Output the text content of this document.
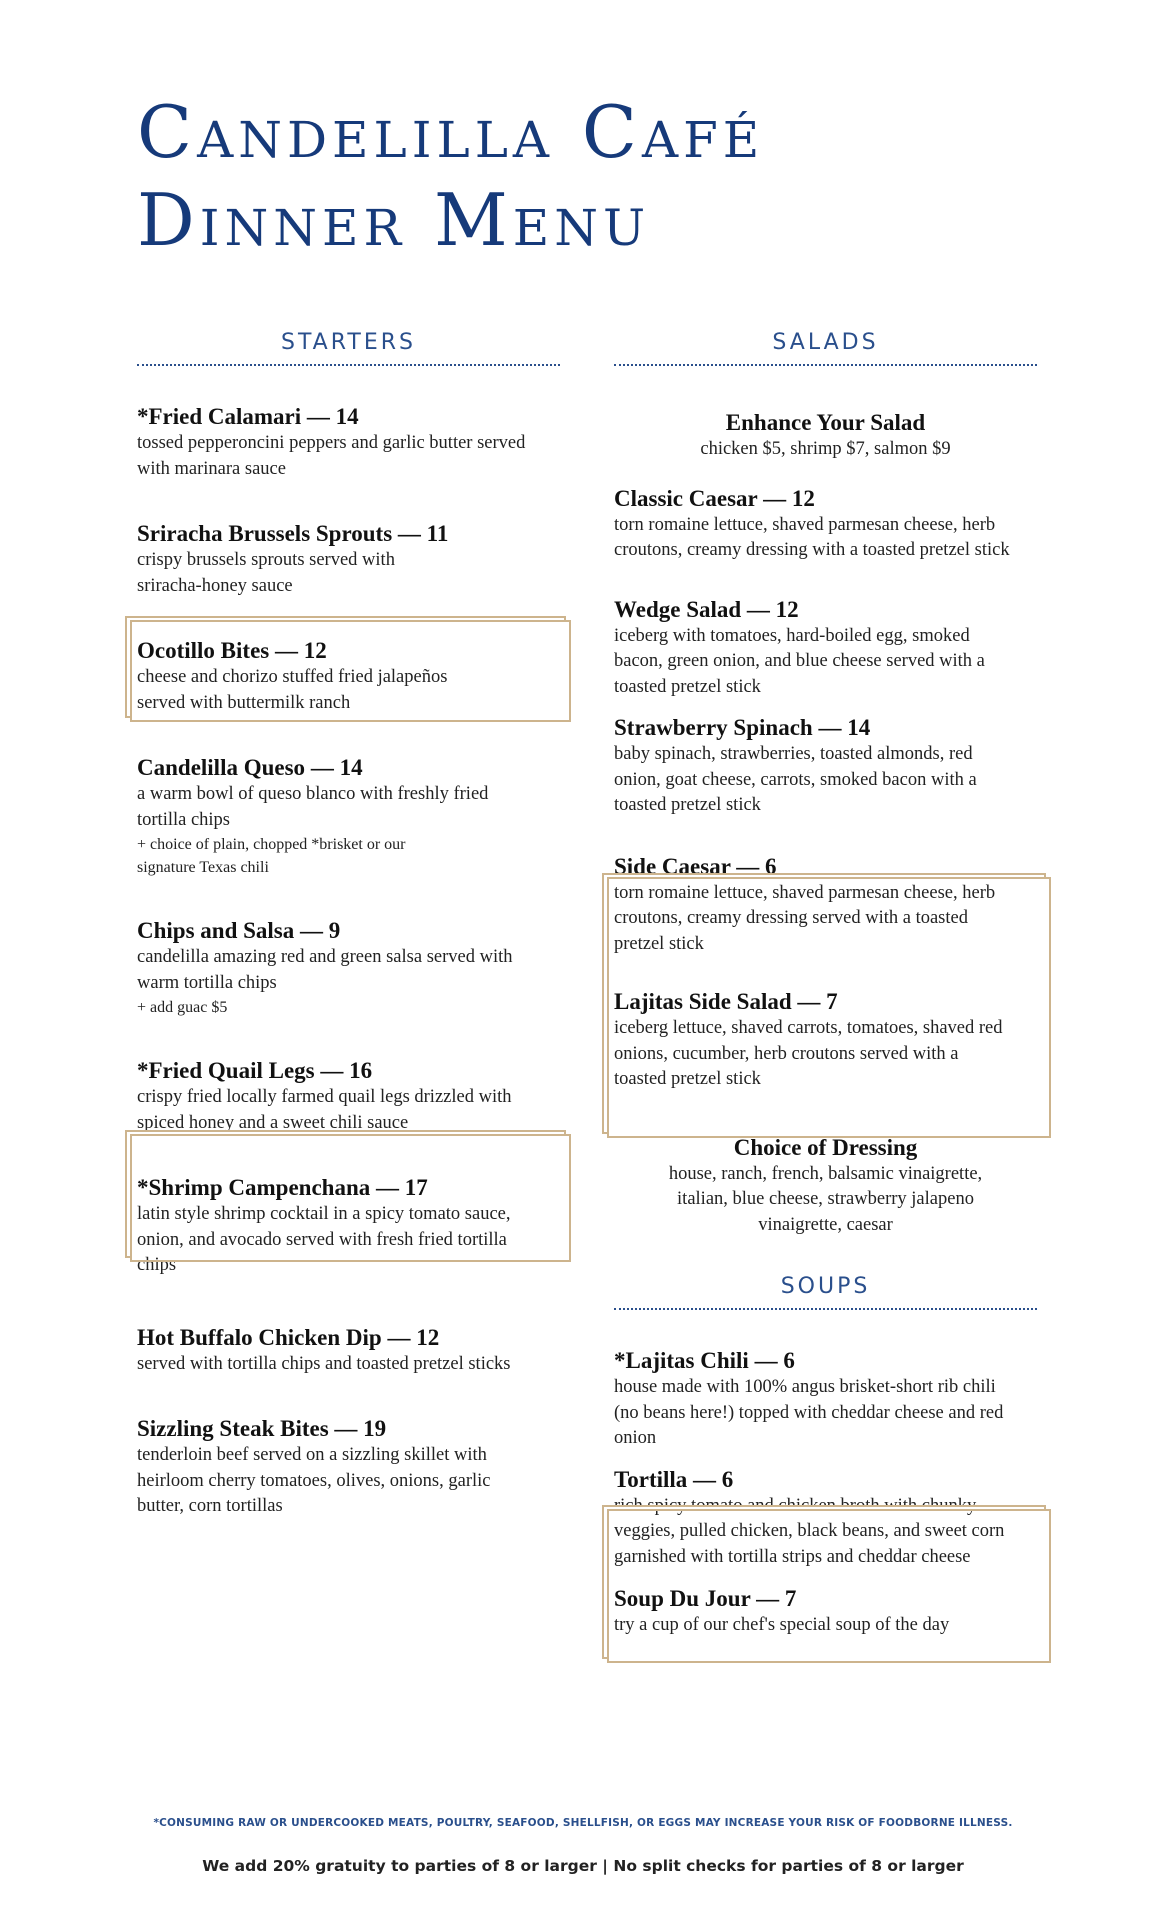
Candelilla Café
Dinner Menu
STARTERS
*Fried Calamari — 14
tossed pepperoncini peppers and garlic butter served with marinara sauce
Sriracha Brussels Sprouts — 11
crispy brussels sprouts served with sriracha-honey sauce
Ocotillo Bites — 12
cheese and chorizo stuffed fried jalapeños served with buttermilk ranch
Candelilla Queso — 14
a warm bowl of queso blanco with freshly fried tortilla chips
+ choice of plain, chopped *brisket or our signature Texas chili
Chips and Salsa — 9
candelilla amazing red and green salsa served with warm tortilla chips
+ add guac $5
*Fried Quail Legs — 16
crispy fried locally farmed quail legs drizzled with spiced honey and a sweet chili sauce
*Shrimp Campenchana — 17
latin style shrimp cocktail in a spicy tomato sauce, onion, and avocado served with fresh fried tortilla chips
Hot Buffalo Chicken Dip — 12
served with tortilla chips and toasted pretzel sticks
Sizzling Steak Bites — 19
tenderloin beef served on a sizzling skillet with heirloom cherry tomatoes, olives, onions, garlic butter, corn tortillas
SALADS
Enhance Your Salad
chicken $5, shrimp $7, salmon $9
Classic Caesar — 12
torn romaine lettuce, shaved parmesan cheese, herb croutons, creamy dressing with a toasted pretzel stick
Wedge Salad — 12
iceberg with tomatoes, hard-boiled egg, smoked bacon, green onion, and blue cheese served with a toasted pretzel stick
Strawberry Spinach — 14
baby spinach, strawberries, toasted almonds, red onion, goat cheese, carrots, smoked bacon with a toasted pretzel stick
Side Caesar — 6
torn romaine lettuce, shaved parmesan cheese, herb croutons, creamy dressing served with a toasted pretzel stick
Lajitas Side Salad — 7
iceberg lettuce, shaved carrots, tomatoes, shaved red onions, cucumber, herb croutons served with a toasted pretzel stick
Choice of Dressing
house, ranch, french, balsamic vinaigrette, italian, blue cheese, strawberry jalapeno vinaigrette, caesar
SOUPS
*Lajitas Chili — 6
house made with 100% angus brisket-short rib chili (no beans here!) topped with cheddar cheese and red onion
Tortilla — 6
rich spicy tomato and chicken broth with chunky veggies, pulled chicken, black beans, and sweet corn garnished with tortilla strips and cheddar cheese
Soup Du Jour — 7
try a cup of our chef's special soup of the day
*CONSUMING RAW OR UNDERCOOKED MEATS, POULTRY, SEAFOOD, SHELLFISH, OR EGGS MAY INCREASE YOUR RISK OF FOODBORNE ILLNESS.
We add 20% gratuity to parties of 8 or larger | No split checks for parties of 8 or larger
